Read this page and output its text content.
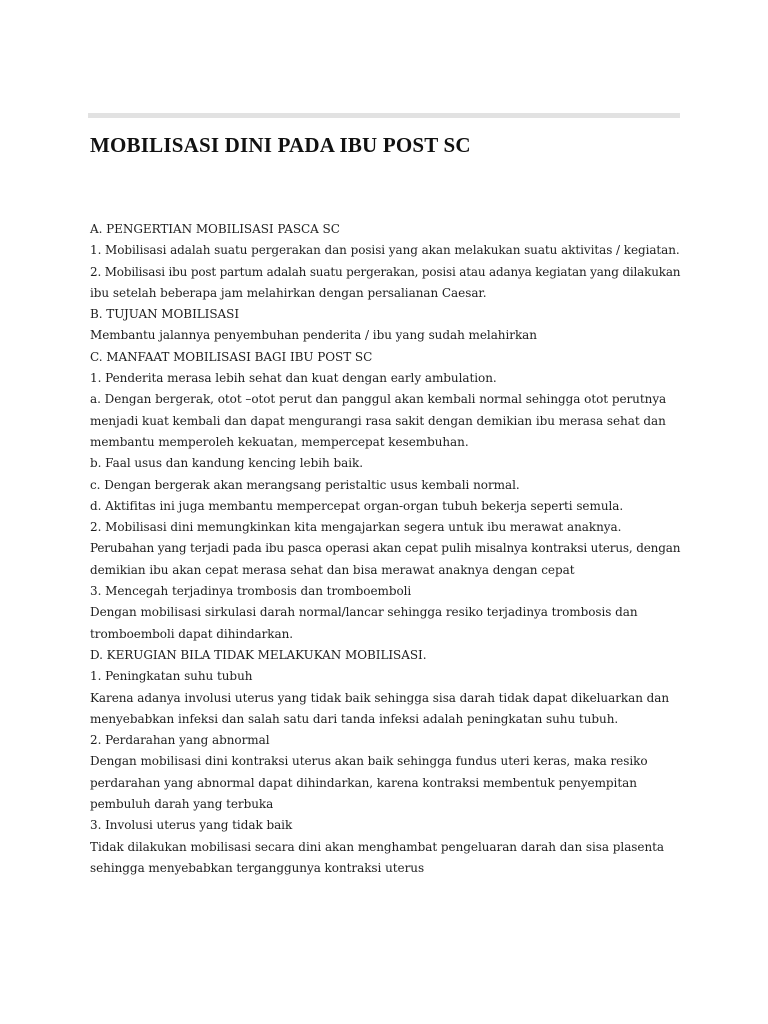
MOBILISASI DINI PADA IBU POST SC
A. PENGERTIAN MOBILISASI PASCA SC
1. Mobilisasi adalah suatu pergerakan dan posisi yang akan melakukan suatu aktivitas / kegiatan.
2. Mobilisasi ibu post partum adalah suatu pergerakan, posisi atau adanya kegiatan yang dilakukan
ibu setelah beberapa jam melahirkan dengan persalianan Caesar.
B. TUJUAN MOBILISASI
Membantu jalannya penyembuhan penderita / ibu yang sudah melahirkan
C. MANFAAT MOBILISASI BAGI IBU POST SC
1. Penderita merasa lebih sehat dan kuat dengan early ambulation.
a. Dengan bergerak, otot –otot perut dan panggul akan kembali normal sehingga otot perutnya
menjadi kuat kembali dan dapat mengurangi rasa sakit dengan demikian ibu merasa sehat dan
membantu memperoleh kekuatan, mempercepat kesembuhan.
b. Faal usus dan kandung kencing lebih baik.
c. Dengan bergerak akan merangsang peristaltic usus kembali normal.
d. Aktifitas ini juga membantu mempercepat organ-organ tubuh bekerja seperti semula.
2. Mobilisasi dini memungkinkan kita mengajarkan segera untuk ibu merawat anaknya.
Perubahan yang terjadi pada ibu pasca operasi akan cepat pulih misalnya kontraksi uterus, dengan
demikian ibu akan cepat merasa sehat dan bisa merawat anaknya dengan cepat
3. Mencegah terjadinya trombosis dan tromboemboli
Dengan mobilisasi sirkulasi darah normal/lancar sehingga resiko terjadinya trombosis dan
tromboemboli dapat dihindarkan.
D. KERUGIAN BILA TIDAK MELAKUKAN MOBILISASI.
1. Peningkatan suhu tubuh
Karena adanya involusi uterus yang tidak baik sehingga sisa darah tidak dapat dikeluarkan dan
menyebabkan infeksi dan salah satu dari tanda infeksi adalah peningkatan suhu tubuh.
2. Perdarahan yang abnormal
Dengan mobilisasi dini kontraksi uterus akan baik sehingga fundus uteri keras, maka resiko
perdarahan yang abnormal dapat dihindarkan, karena kontraksi membentuk penyempitan
pembuluh darah yang terbuka
3. Involusi uterus yang tidak baik
Tidak dilakukan mobilisasi secara dini akan menghambat pengeluaran darah dan sisa plasenta
sehingga menyebabkan terganggunya kontraksi uterus
